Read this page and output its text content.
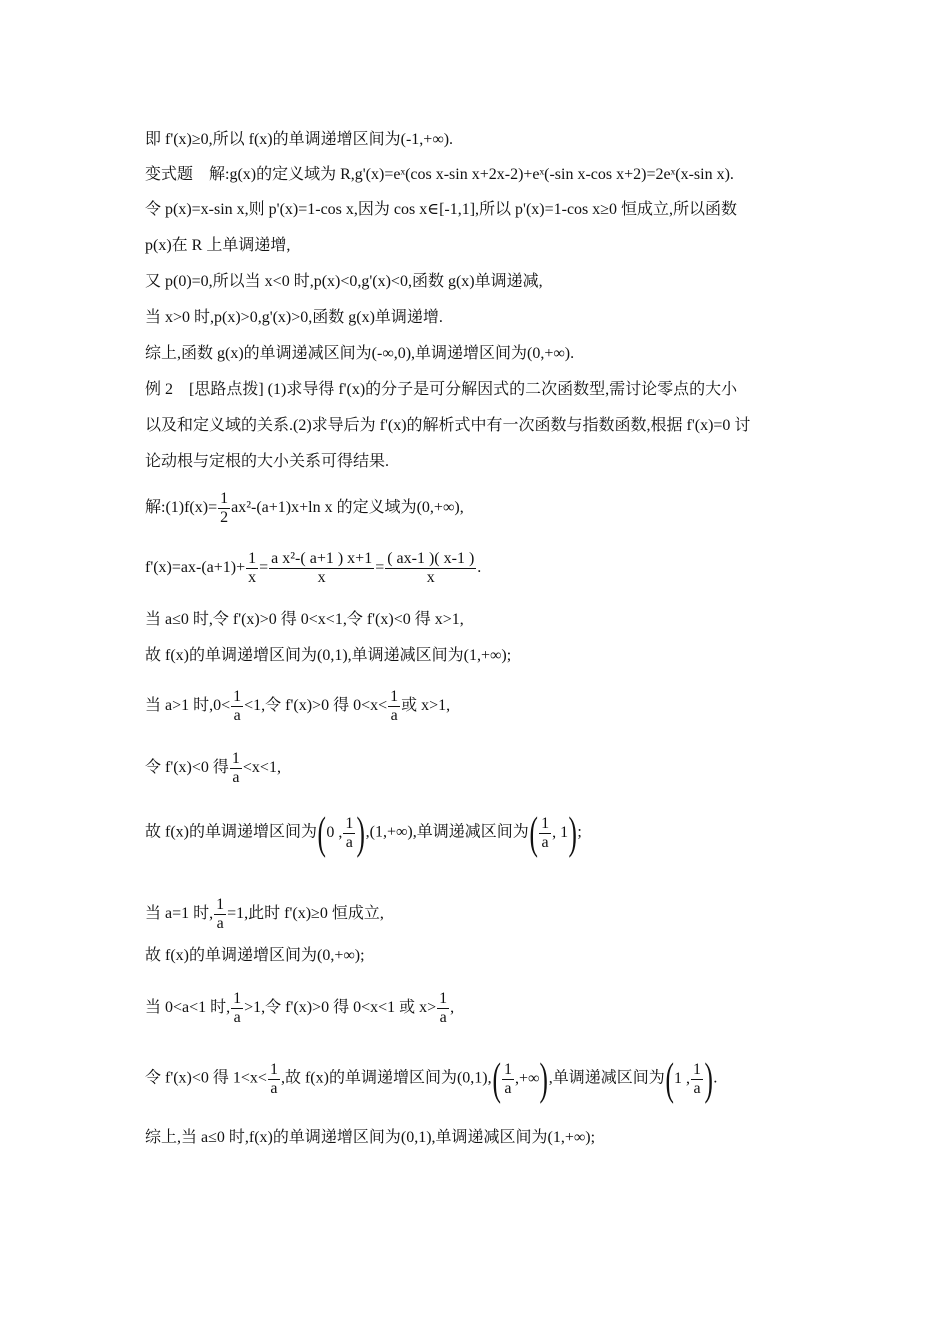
即 f'(x)≥0,所以 f(x)的单调递增区间为(-1,+∞).
变式题　解:g(x)的定义域为 R,g'(x)=eˣ(cos x-sin x+2x-2)+eˣ(-sin x-cos x+2)=2eˣ(x-sin x).
令 p(x)=x-sin x,则 p'(x)=1-cos x,因为 cos x∈[-1,1],所以 p'(x)=1-cos x≥0 恒成立,所以函数
p(x)在 R 上单调递增,
又 p(0)=0,所以当 x<0 时,p(x)<0,g'(x)<0,函数 g(x)单调递减,
当 x>0 时,p(x)>0,g'(x)>0,函数 g(x)单调递增.
综上,函数 g(x)的单调递减区间为(-∞,0),单调递增区间为(0,+∞).
例 2　[思路点拨] (1)求导得 f'(x)的分子是可分解因式的二次函数型,需讨论零点的大小
以及和定义域的关系.(2)求导后为 f'(x)的解析式中有一次函数与指数函数,根据 f'(x)=0 讨
论动根与定根的大小关系可得结果.
解:(1)f(x)= $\frac{1}{2} ax^2-(a+1)x+\ln$ x 的定义域为(0,+∞),
$f'(x)=ax-(a+1)+ \frac{1}{x} = \frac{\text{a x²-( a+1 ) x+1}}{x} = \frac{( ax-1 )( x-1 )}{x}$ .
当 a≤0 时,令 f'(x)>0 得 0<x<1,令 f'(x)<0 得 x>1,
故 f(x)的单调递增区间为(0,1),单调递减区间为(1,+∞);
当 a>1 时$,0< \frac{1}{a} <1$,令 f'(x)>0 得 $0<x< \frac{1}{a}$ 或 x>1,
令 f'(x)<0 得 $\frac{1}{a} <x<1$,
故 f(x)的单调递增区间为(0 , $\frac{1}{a} ),(1,+\infty)$,单调递减区间为( $\frac{1}{a}$ , 1);
当 a=1 时, $\frac{1}{a} =1$,此时 f'(x)≥0 恒成立,
故 f(x)的单调递增区间为(0,+∞);
当 0<a<1 时, $\frac{1}{a} >1$,令 f'(x)>0 得 0<x<1 或 $x> \frac{1}{a}$ ,
令 f'(x)<0 得 $1<x< \frac{1}{a}$ ,故 f(x)的单调递增区间为$(0,1),( \frac{1}{a}$ ,+∞),单调递减区间为(1 , $\frac{1}{a}$ ).
综上,当 a≤0 时,f(x)的单调递增区间为(0,1),单调递减区间为(1,+∞);
